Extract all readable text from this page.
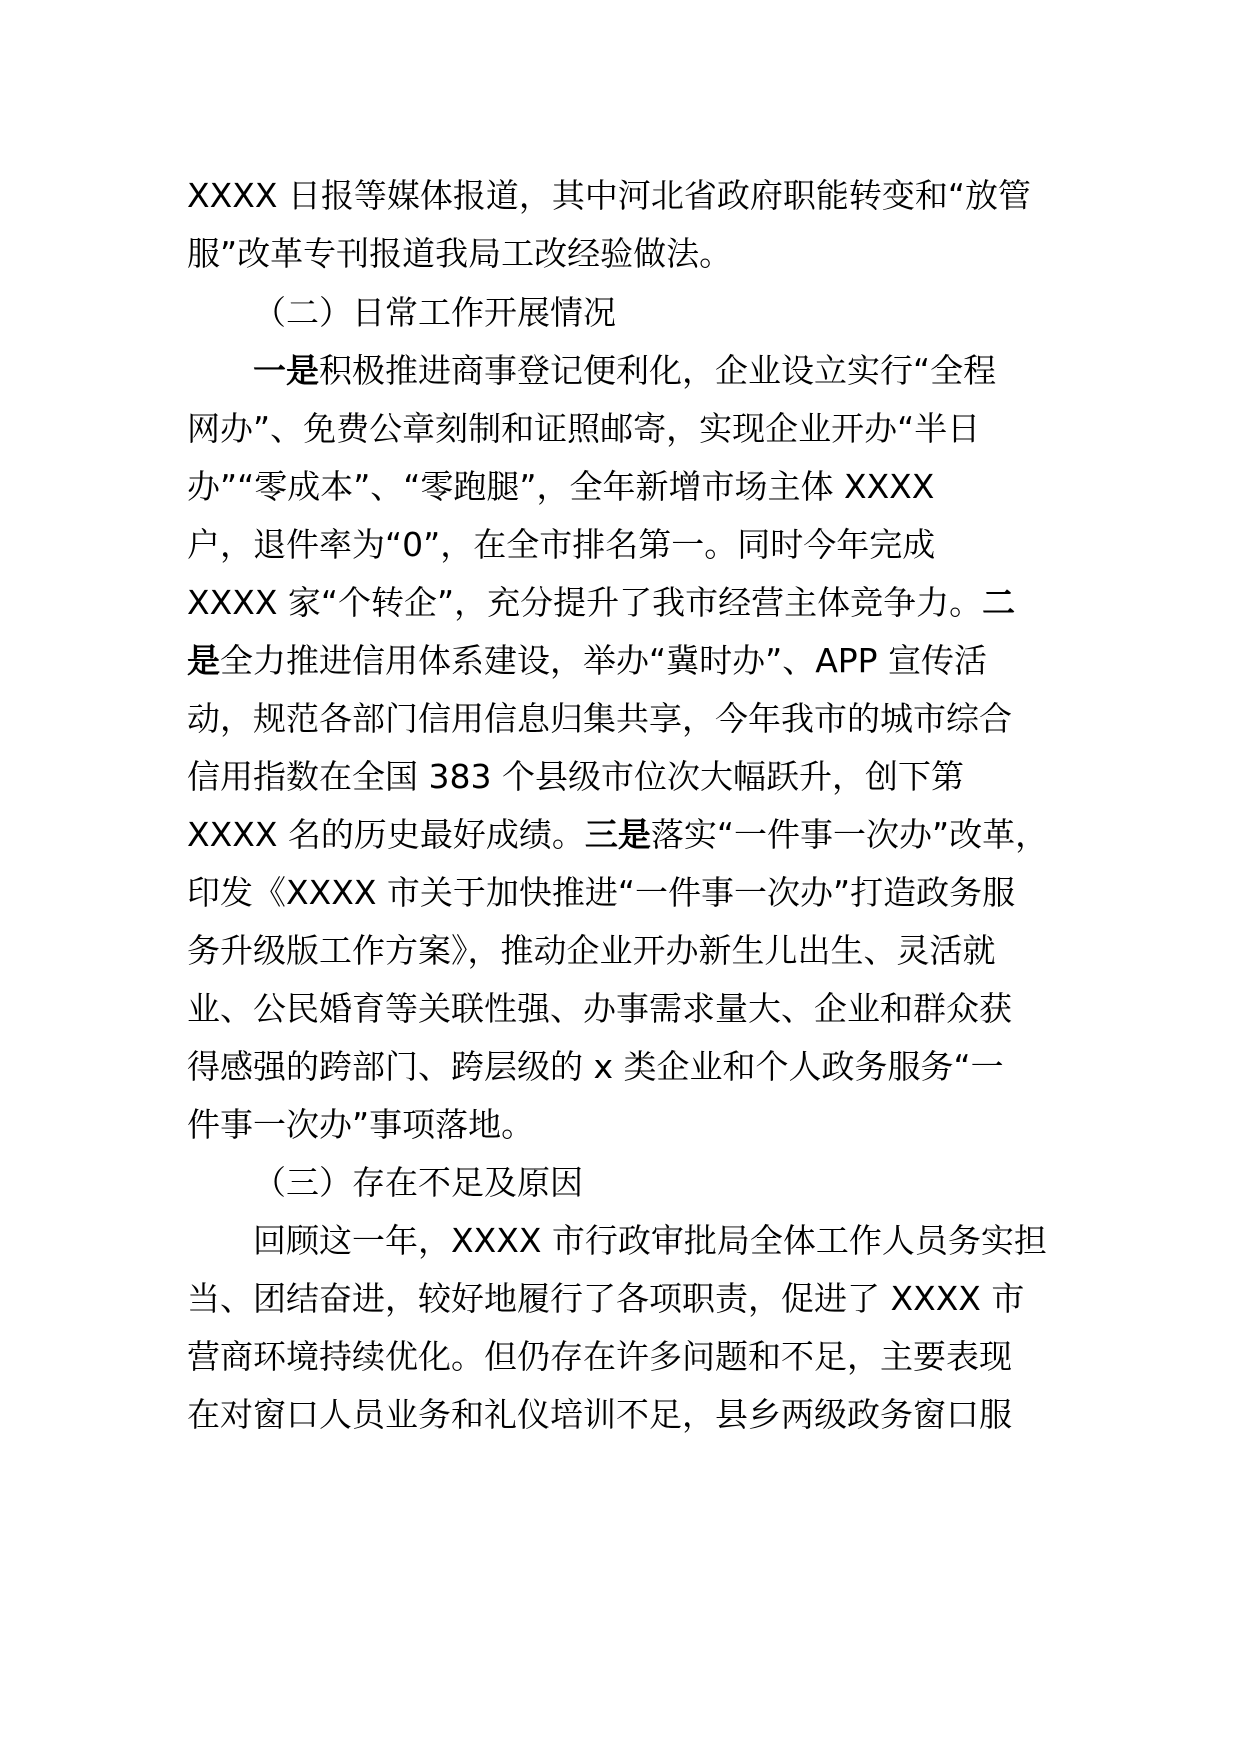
XXXX 日报等媒体报道，其中河北省政府职能转变和“放管
服”改革专刊报道我局工改经验做法。
（二）日常工作开展情况
一是积极推进商事登记便利化，企业设立实行“全程
网办”、免费公章刻制和证照邮寄，实现企业开办“半日
办”“零成本”、“零跑腿”，全年新增市场主体 XXXX
户，退件率为“0”，在全市排名第一。同时今年完成
XXXX 家“个转企”，充分提升了我市经营主体竞争力。二
是全力推进信用体系建设，举办“冀时办”、APP 宣传活
动，规范各部门信用信息归集共享，今年我市的城市综合
信用指数在全国 383 个县级市位次大幅跃升，创下第
XXXX 名的历史最好成绩。三是落实“一件事一次办”改革，
印发《XXXX 市关于加快推进“一件事一次办”打造政务服
务升级版工作方案》，推动企业开办新生儿出生、灵活就
业、公民婚育等关联性强、办事需求量大、企业和群众获
得感强的跨部门、跨层级的 x 类企业和个人政务服务“一
件事一次办”事项落地。
（三）存在不足及原因
回顾这一年，XXXX 市行政审批局全体工作人员务实担
当、团结奋进，较好地履行了各项职责，促进了 XXXX 市
营商环境持续优化。但仍存在许多问题和不足，主要表现
在对窗口人员业务和礼仪培训不足，县乡两级政务窗口服
